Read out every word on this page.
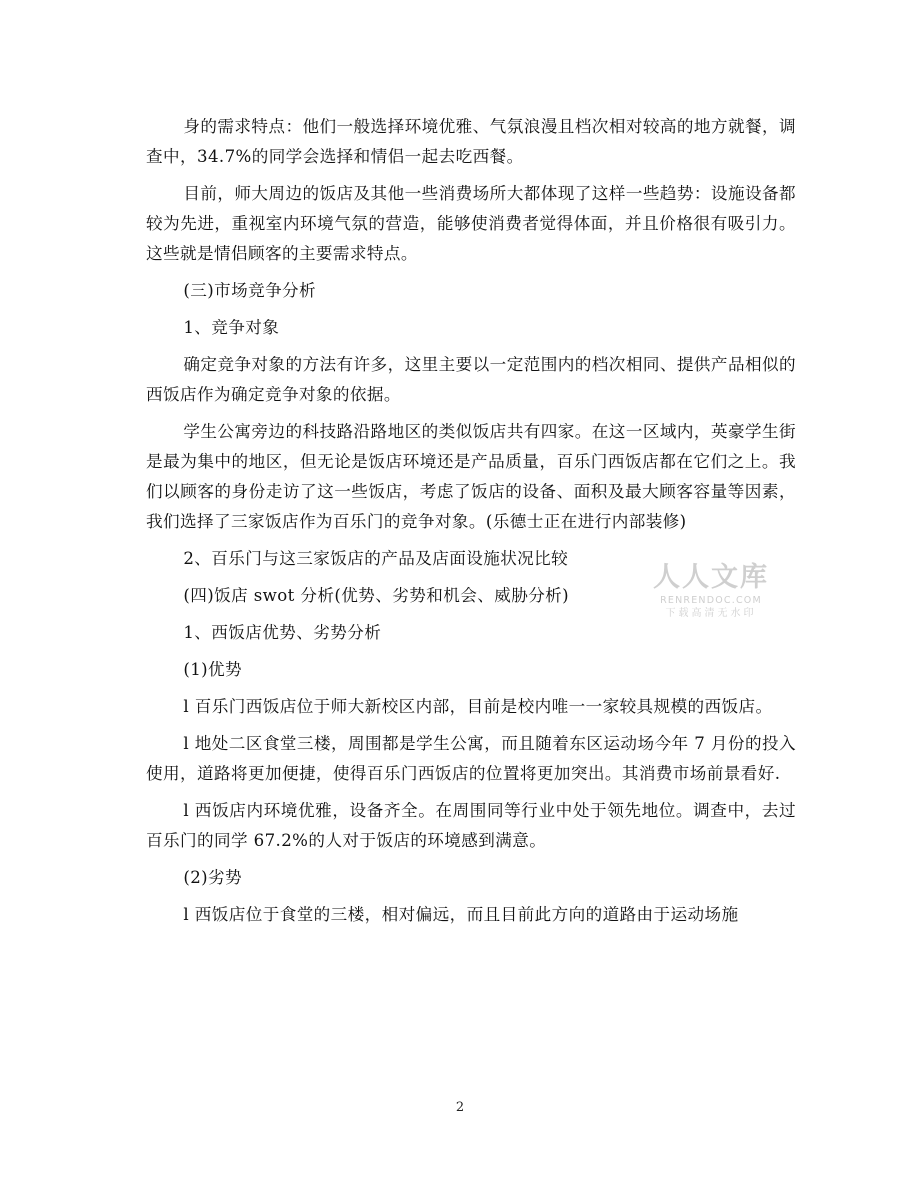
身的需求特点：他们一般选择环境优雅、气氛浪漫且档次相对较高的地方就餐，调查中，34.7%的同学会选择和情侣一起去吃西餐。

目前，师大周边的饭店及其他一些消费场所大都体现了这样一些趋势：设施设备都较为先进，重视室内环境气氛的营造，能够使消费者觉得体面，并且价格很有吸引力。这些就是情侣顾客的主要需求特点。

(三)市场竞争分析

1、竞争对象

确定竞争对象的方法有许多，这里主要以一定范围内的档次相同、提供产品相似的西饭店作为确定竞争对象的依据。

学生公寓旁边的科技路沿路地区的类似饭店共有四家。在这一区域内，英豪学生街是最为集中的地区，但无论是饭店环境还是产品质量，百乐门西饭店都在它们之上。我们以顾客的身份走访了这一些饭店，考虑了饭店的设备、面积及最大顾客容量等因素，我们选择了三家饭店作为百乐门的竞争对象。(乐德士正在进行内部装修)

2、百乐门与这三家饭店的产品及店面设施状况比较

(四)饭店 swot 分析(优势、劣势和机会、威胁分析)

1、西饭店优势、劣势分析

(1)优势

l 百乐门西饭店位于师大新校区内部，目前是校内唯一一家较具规模的西饭店。

l 地处二区食堂三楼，周围都是学生公寓，而且随着东区运动场今年 7 月份的投入使用，道路将更加便捷，使得百乐门西饭店的位置将更加突出。其消费市场前景看好.

l 西饭店内环境优雅，设备齐全。在周围同等行业中处于领先地位。调查中，去过百乐门的同学 67.2%的人对于饭店的环境感到满意。

(2)劣势

l 西饭店位于食堂的三楼，相对偏远，而且目前此方向的道路由于运动场施

人人文库
RENRENDOC.COM
下载高清无水印
2
